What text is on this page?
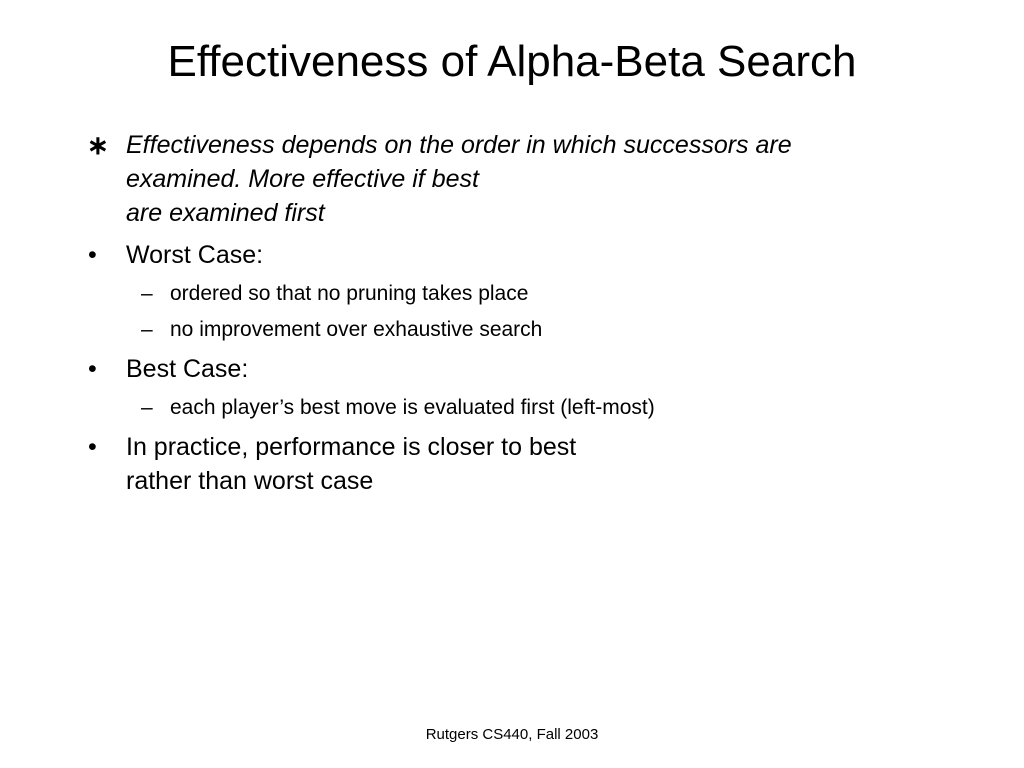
Effectiveness of Alpha-Beta Search
∗ Effectiveness depends on the order in which successors are
examined. More effective if best
are examined first
• Worst Case:
– ordered so that no pruning takes place
– no improvement over exhaustive search
• Best Case:
– each player’s best move is evaluated first (left-most)
• In practice, performance is closer to best
rather than worst case
Rutgers CS440, Fall 2003
